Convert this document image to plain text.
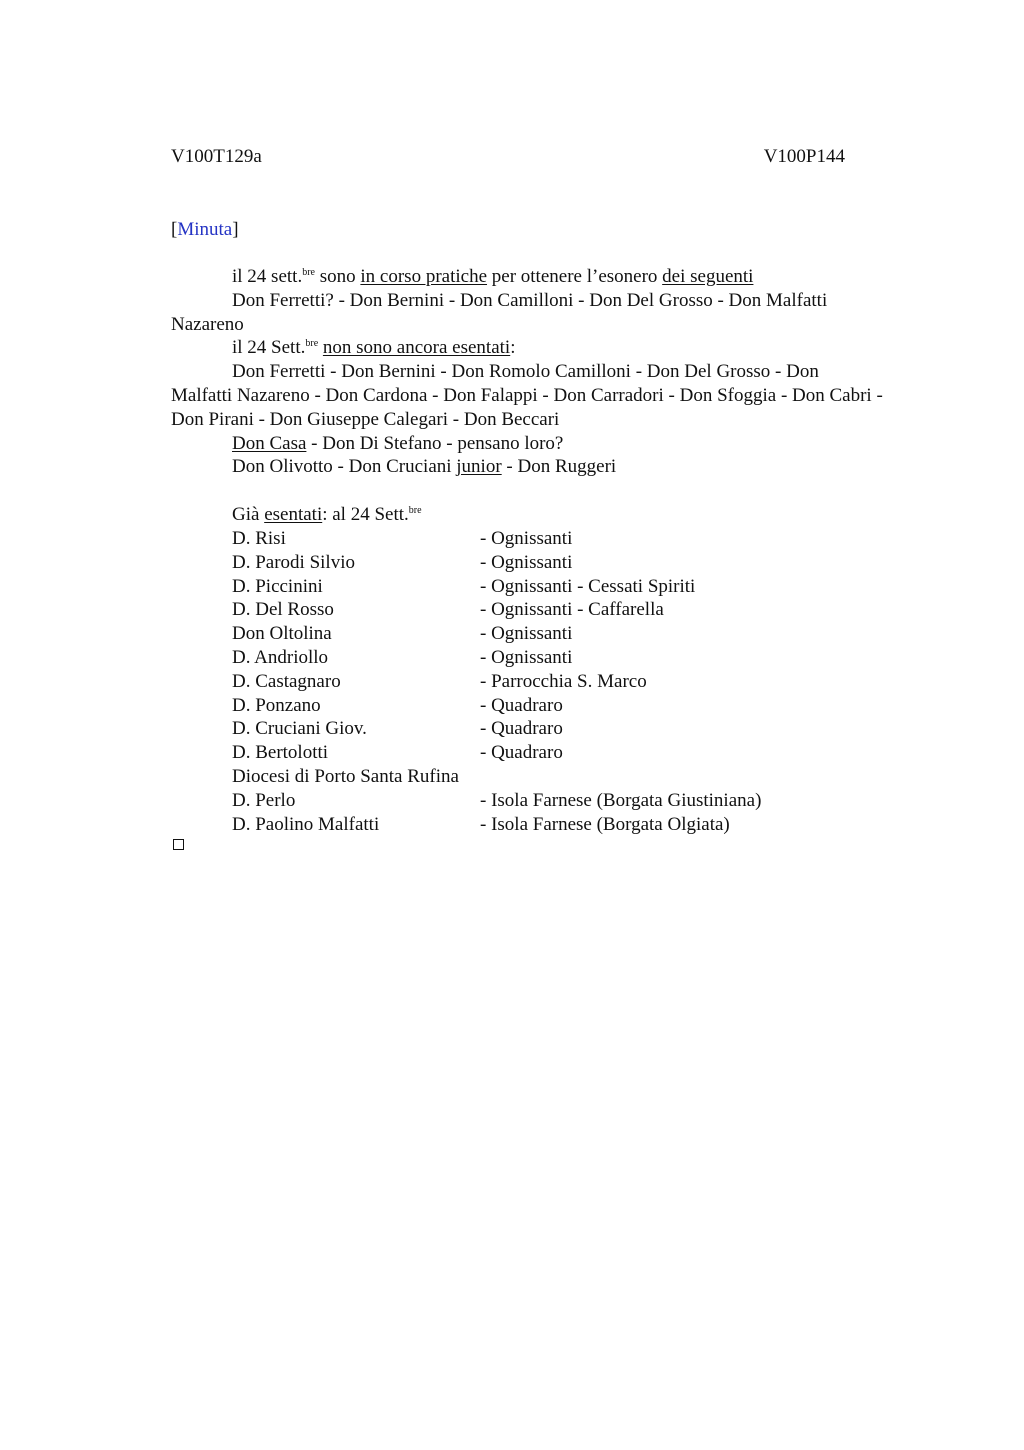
V100T129a	V100P144
[Minuta]

il 24 sett.$^{bre}$ sono in corso pratiche per ottenere l’esonero dei seguenti

Don Ferretti? - Don Bernini - Don Camilloni - Don Del Grosso - Don Malfatti Nazareno

il 24 Sett.$^{bre}$ non sono ancora esentati:

Don Ferretti - Don Bernini - Don Romolo Camilloni - Don Del Grosso - Don Malfatti Nazareno - Don Cardona - Don Falappi - Don Carradori - Don Sfoggia - Don Cabri - Don Pirani - Don Giuseppe Calegari - Don Beccari

Don Casa - Don Di Stefano - pensano loro?

Don Olivotto - Don Cruciani junior - Don Ruggeri

Già esentati: al 24 Sett.$^{bre}$
D. Risi	- Ognissanti
D. Parodi Silvio	- Ognissanti
D. Piccinini	- Ognissanti - Cessati Spiriti
D. Del Rosso	- Ognissanti - Caffarella
Don Oltolina	- Ognissanti
D. Andriollo	- Ognissanti
D. Castagnaro	- Parrocchia S. Marco
D. Ponzano	- Quadraro
D. Cruciani Giov.	- Quadraro
D. Bertolotti	- Quadraro
Diocesi di Porto Santa Rufina
D. Perlo	- Isola Farnese (Borgata Giustiniana)
D. Paolino Malfatti	- Isola Farnese (Borgata Olgiata)
